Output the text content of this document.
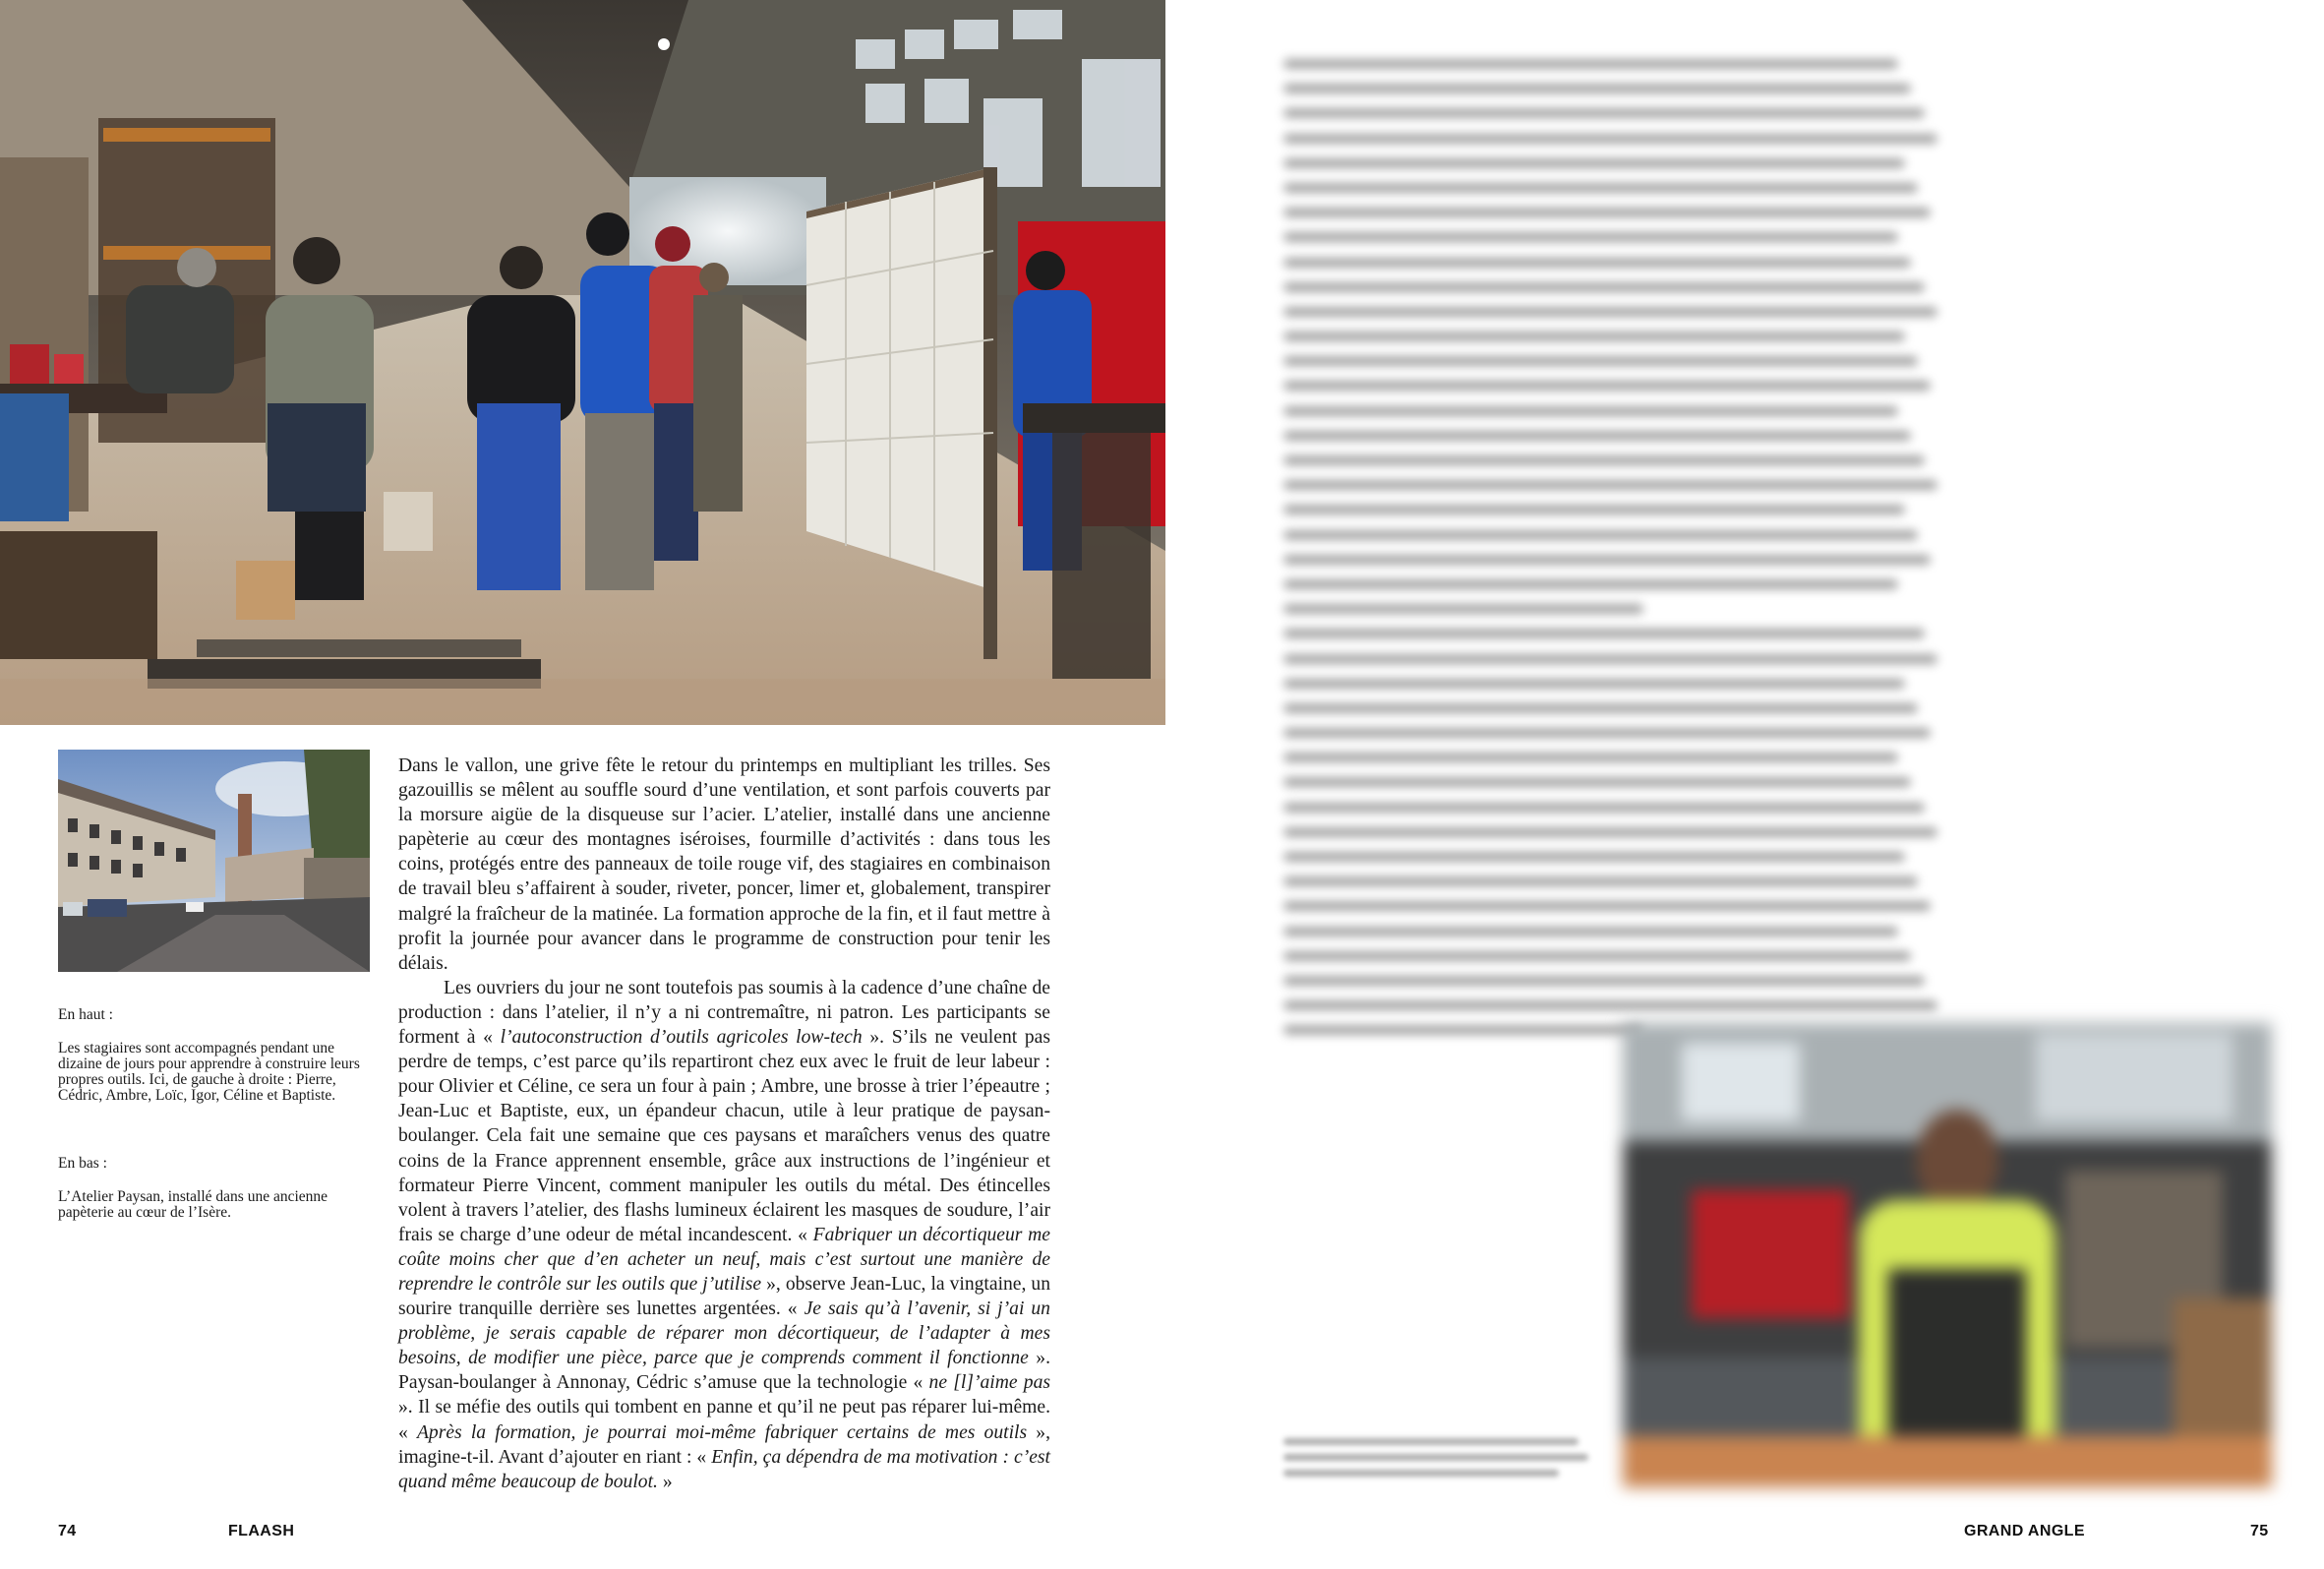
En haut :

Les stagiaires sont accompagnés pendant une dizaine de jours pour apprendre à construire leurs propres outils. Ici, de gauche à droite : Pierre, Cédric, Ambre, Loïc, Igor, Céline et Baptiste.

En bas :

L’Atelier Paysan, installé dans une ancienne papèterie au cœur de l’Isère.

Dans le vallon, une grive fête le retour du printemps en multipliant les trilles. Ses gazouillis se mêlent au souffle sourd d’une ventilation, et sont parfois couverts par la morsure aigüe de la disqueuse sur l’acier. L’atelier, installé dans une ancienne papèterie au cœur des montagnes iséroises, fourmille d’activités : dans tous les coins, protégés entre des panneaux de toile rouge vif, des stagiaires en combinaison de travail bleu s’affairent à souder, riveter, poncer, limer et, globalement, transpirer malgré la fraîcheur de la matinée. La formation approche de la fin, et il faut mettre à profit la journée pour avancer dans le programme de construction pour tenir les délais.

Les ouvriers du jour ne sont toutefois pas soumis à la cadence d’une chaîne de production : dans l’atelier, il n’y a ni contremaître, ni patron. Les participants se forment à « l’autoconstruction d’outils agricoles low-tech ». S’ils ne veulent pas perdre de temps, c’est parce qu’ils repartiront chez eux avec le fruit de leur labeur : pour Olivier et Céline, ce sera un four à pain ; Ambre, une brosse à trier l’épeautre ; Jean-Luc et Baptiste, eux, un épandeur chacun, utile à leur pratique de paysan-boulanger. Cela fait une semaine que ces paysans et maraîchers venus des quatre coins de la France apprennent ensemble, grâce aux instructions de l’ingénieur et formateur Pierre Vincent, comment manipuler les outils du métal. Des étincelles volent à travers l’atelier, des flashs lumineux éclairent les masques de soudure, l’air frais se charge d’une odeur de métal incandescent. « Fabriquer un décortiqueur me coûte moins cher que d’en acheter un neuf, mais c’est surtout une manière de reprendre le contrôle sur les outils que j’utilise », observe Jean-Luc, la vingtaine, un sourire tranquille derrière ses lunettes argentées. « Je sais qu’à l’avenir, si j’ai un problème, je serais capable de réparer mon décortiqueur, de l’adapter à mes besoins, de modifier une pièce, parce que je comprends comment il fonctionne ». Paysan-boulanger à Annonay, Cédric s’amuse que la technologie « ne [l]’aime pas ». Il se méfie des outils qui tombent en panne et qu’il ne peut pas réparer lui-même. « Après la formation, je pourrai moi-même fabriquer certains de mes outils », imagine-t-il. Avant d’ajouter en riant : « Enfin, ça dépendra de ma motivation : c’est quand même beaucoup de boulot. »

74	FLAASH	GRAND ANGLE	75
